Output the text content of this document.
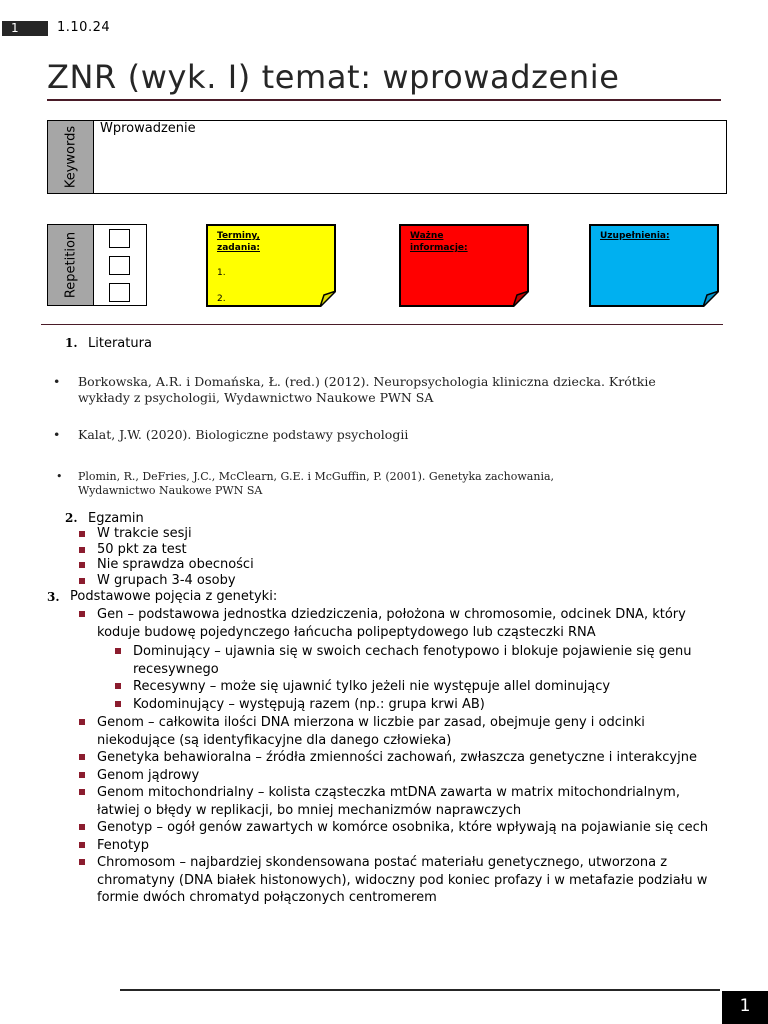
1	1.10.24
ZNR (wyk. I) temat: wprowadzenie
Keywords Wprowadzenie
Repetition	Terminy, zadania:
1.
2.
Ważne informacje:
Uzupełnienia:
1. Literatura
• Borkowska, A.R. i Domańska, Ł. (red.) (2012). Neuropsychologia kliniczna dziecka. Krótkie wykłady z psychologii, Wydawnictwo Naukowe PWN SA
• Kalat, J.W. (2020). Biologiczne podstawy psychologii
• Plomin, R., DeFries, J.C., McClearn, G.E. i McGuffin, P. (2001). Genetyka zachowania, Wydawnictwo Naukowe PWN SA
2. Egzamin
W trakcie sesji
50 pkt za test
Nie sprawdza obecności
W grupach 3-4 osoby
3. Podstawowe pojęcia z genetyki:
Gen – podstawowa jednostka dziedziczenia, położona w chromosomie, odcinek DNA, który koduje budowę pojedynczego łańcucha polipeptydowego lub cząsteczki RNA
Dominujący – ujawnia się w swoich cechach fenotypowo i blokuje pojawienie się genu recesywnego
Recesywny – może się ujawnić tylko jeżeli nie występuje allel dominujący
Kodominujący – występują razem (np.: grupa krwi AB)
Genom – całkowita ilości DNA mierzona w liczbie par zasad, obejmuje geny i odcinki niekodujące (są identyfikacyjne dla danego człowieka)
Genetyka behawioralna – źródła zmienności zachowań, zwłaszcza genetyczne i interakcyjne
Genom jądrowy
Genom mitochondrialny – kolista cząsteczka mtDNA zawarta w matrix mitochondrialnym, łatwiej o błędy w replikacji, bo mniej mechanizmów naprawczych
Genotyp – ogół genów zawartych w komórce osobnika, które wpływają na pojawianie się cech
Fenotyp
Chromosom – najbardziej skondensowana postać materiału genetycznego, utworzona z chromatyny (DNA białek histonowych), widoczny pod koniec profazy i w metafazie podziału w formie dwóch chromatyd połączonych centromerem
1
